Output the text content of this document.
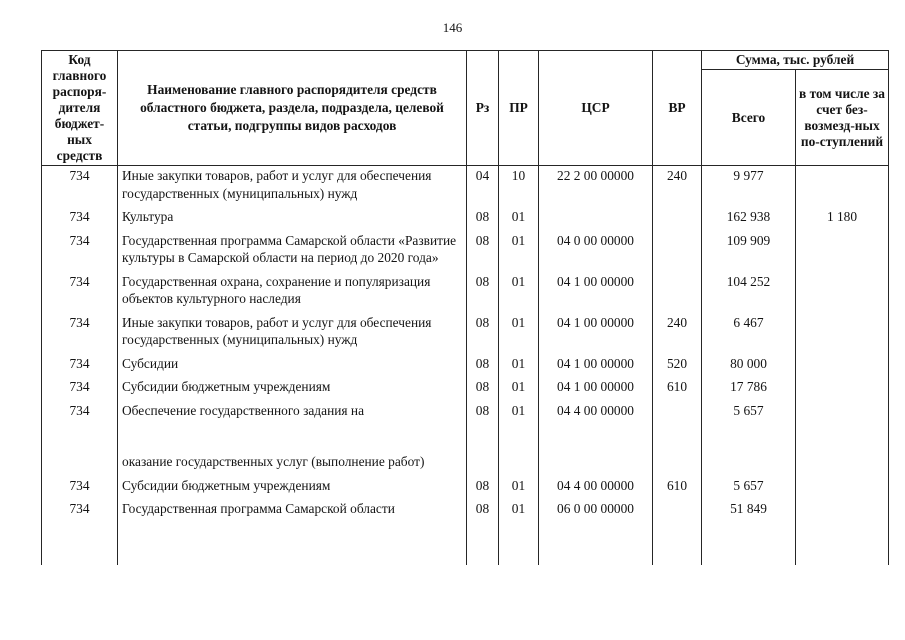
146
Код главного распоря-дителя бюджет-ных средств	Наименование главного распорядителя средств областного бюджета, раздела, подраздела, целевой статьи, подгруппы видов расходов	Рз	ПР	ЦСР	ВР	Сумма, тыс. рублей	
						Всего	в том числе за счет без-возмезд-ных по-ступлений
734	Иные закупки товаров, работ и услуг для обеспечения государственных (муниципальных) нужд	04	10	22 2 00 00000	240	9 977	
734	Культура	08	01			162 938	1 180
734	Государственная программа Самарской области «Развитие культуры в Самарской области на период до 2020 года»	08	01	04 0 00 00000		109 909	
734	Государственная охрана, сохранение и популяризация объектов культурного наследия	08	01	04 1 00 00000		104 252	
734	Иные закупки товаров, работ и услуг для обеспечения государственных (муниципальных) нужд	08	01	04 1 00 00000	240	6 467	
734	Субсидии	08	01	04 1 00 00000	520	80 000	
734	Субсидии бюджетным учреждениям	08	01	04 1 00 00000	610	17 786	
734	Обеспечение государственного задания на	08	01	04 4 00 00000		5 657	

	оказание государственных услуг (выполнение работ)						
734	Субсидии бюджетным учреждениям	08	01	04 4 00 00000	610	5 657	
734	Государственная программа Самарской области	08	01	06 0 00 00000		51 849	
